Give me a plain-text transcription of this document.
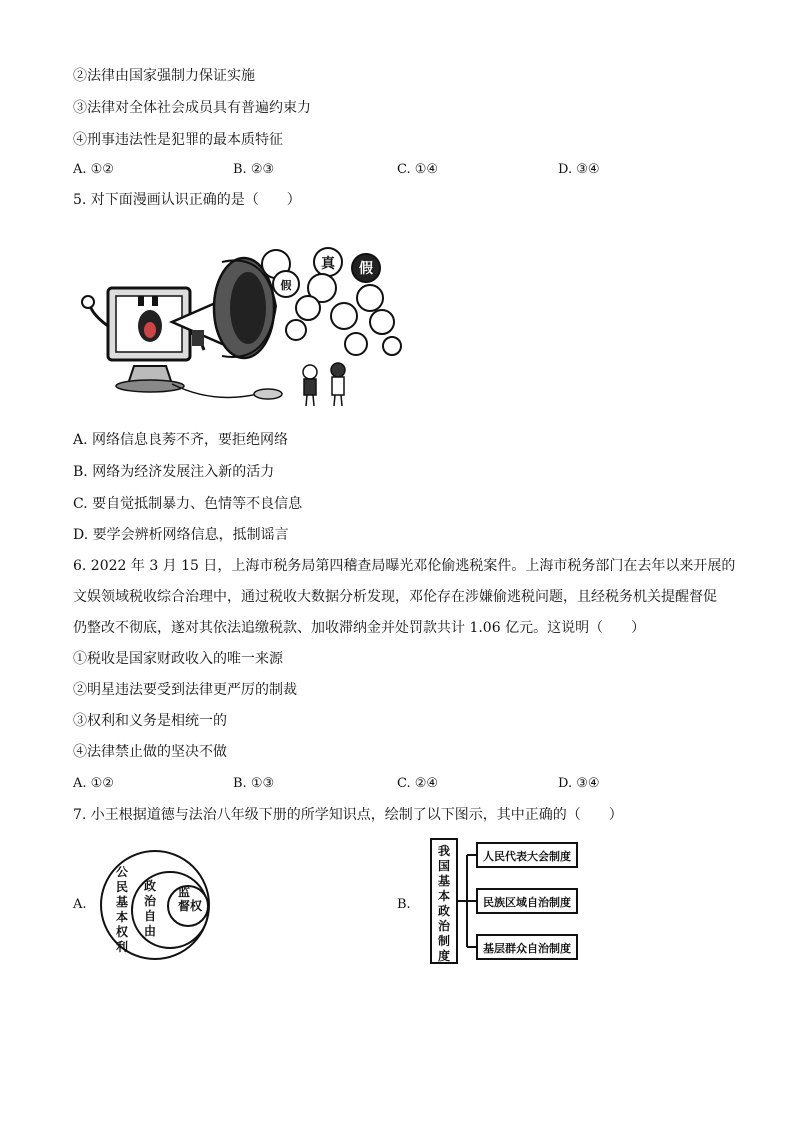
②法律由国家强制力保证实施
③法律对全体社会成员具有普遍约束力
④刑事违法性是犯罪的最本质特征
A. ①②	B. ②③	C. ①④	D. ③④
5. 对下面漫画认识正确的是（　　）
真 假
假
A. 网络信息良莠不齐，要拒绝网络
B. 网络为经济发展注入新的活力
C. 要自觉抵制暴力、色情等不良信息
D. 要学会辨析网络信息，抵制谣言
6. 2022 年 3 月 15 日，上海市税务局第四稽查局曝光邓伦偷逃税案件。上海市税务部门在去年以来开展的
文娱领域税收综合治理中，通过税收大数据分析发现，邓伦存在涉嫌偷逃税问题，且经税务机关提醒督促
仍整改不彻底，遂对其依法追缴税款、加收滞纳金并处罚款共计 1.06 亿元。这说明（　　）
①税收是国家财政收入的唯一来源
②明星违法要受到法律更严厉的制裁
③权利和义务是相统一的
④法律禁止做的坚决不做
A. ①②	B. ①③	C. ②④	D. ③④
7. 小王根据道德与法治八年级下册的所学知识点，绘制了以下图示，其中正确的（　　）
A.
公民基本权利
政治自由
监督权	B.
我国基本政治制度
人民代表大会制度
民族区域自治制度
基层群众自治制度
